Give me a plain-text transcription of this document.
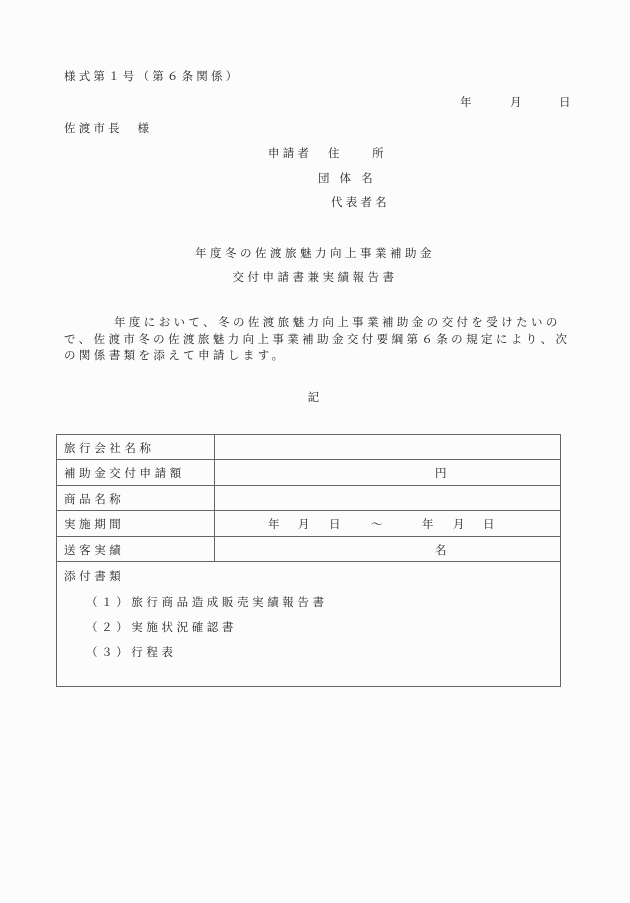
様式第１号（第６条関係）
年	月	日
佐渡市長　様
申請者 住　　所
団 体 名
代表者名
年度冬の佐渡旅魅力向上事業補助金
交付申請書兼実績報告書
年度において、冬の佐渡旅魅力向上事業補助金の交付を受けたいので、佐渡市冬の佐渡旅魅力向上事業補助金交付要綱第６条の規定により、次の関係書類を添えて申請します。
記
旅行会社名称
補助金交付申請額	円
商品名称
実施期間	年 月 日 ～	年 月 日
送客実績	名
添付書類
（１）旅行商品造成販売実績報告書
（２）実施状況確認書
（３）行程表
